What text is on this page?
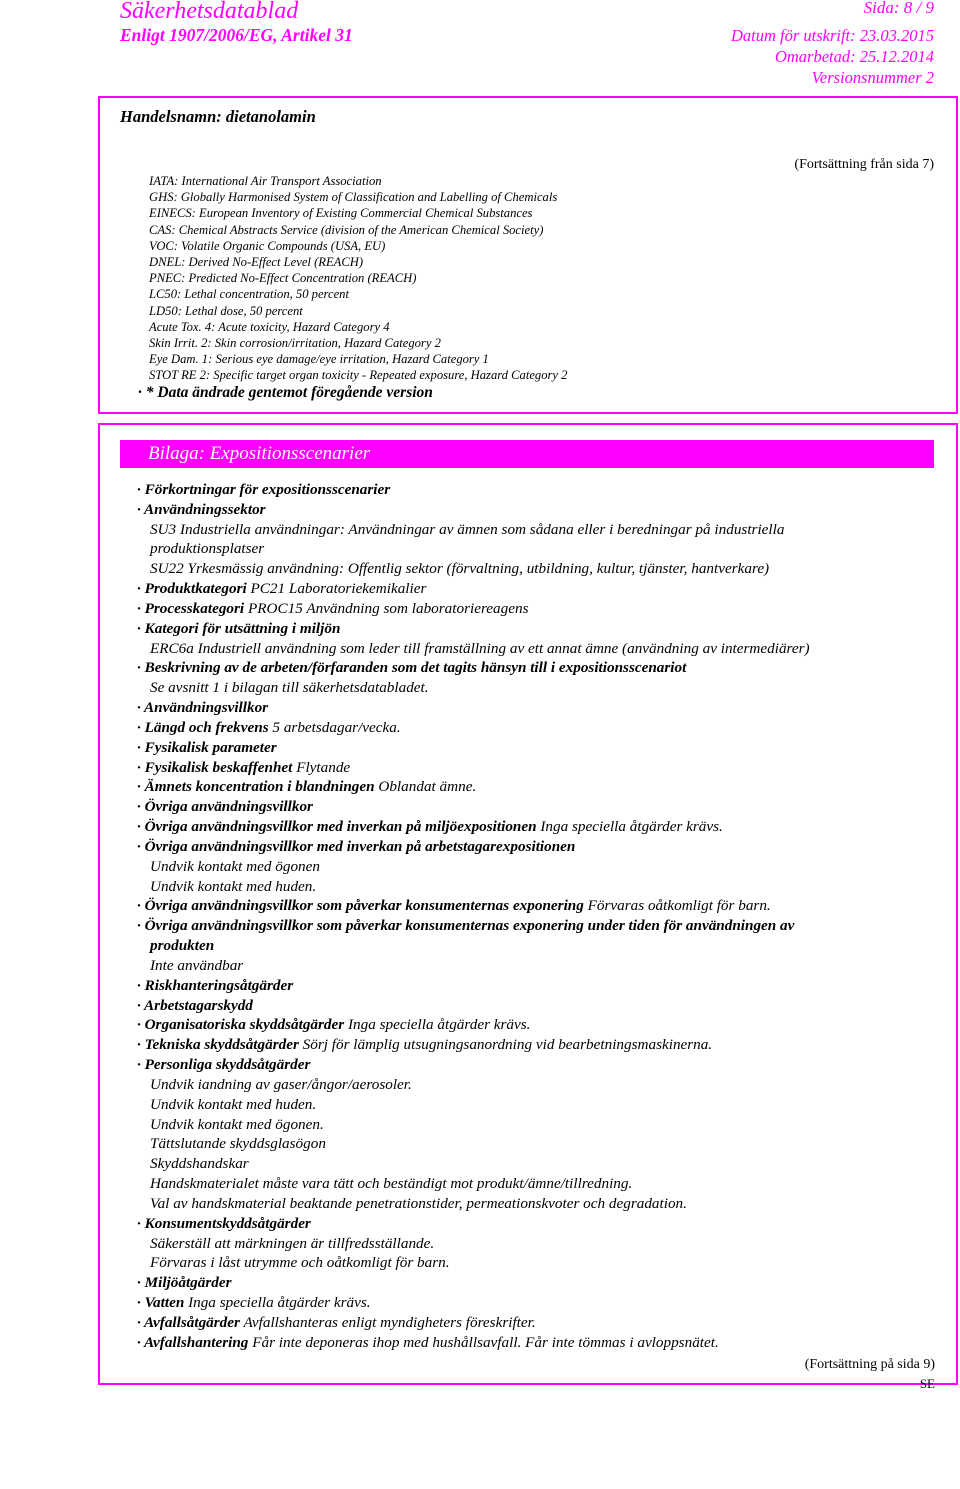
Säkerhetsdatablad	Sida: 8 / 9
Enligt 1907/2006/EG, Artikel 31	Datum för utskrift: 23.03.2015
Omarbetad: 25.12.2014
Versionsnummer 2
Handelsnamn: dietanolamin
(Fortsättning från sida 7)
IATA: International Air Transport Association
GHS: Globally Harmonised System of Classification and Labelling of Chemicals
EINECS: European Inventory of Existing Commercial Chemical Substances
CAS: Chemical Abstracts Service (division of the American Chemical Society)
VOC: Volatile Organic Compounds (USA, EU)
DNEL: Derived No-Effect Level (REACH)
PNEC: Predicted No-Effect Concentration (REACH)
LC50: Lethal concentration, 50 percent
LD50: Lethal dose, 50 percent
Acute Tox. 4: Acute toxicity, Hazard Category 4
Skin Irrit. 2: Skin corrosion/irritation, Hazard Category 2
Eye Dam. 1: Serious eye damage/eye irritation, Hazard Category 1
STOT RE 2: Specific target organ toxicity - Repeated exposure, Hazard Category 2
· * Data ändrade gentemot föregående version
Bilaga: Expositionsscenarier
· Förkortningar för expositionsscenarier
· Användningssektor
SU3 Industriella användningar: Användningar av ämnen som sådana eller i beredningar på industriella
produktionsplatser
SU22 Yrkesmässig användning: Offentlig sektor (förvaltning, utbildning, kultur, tjänster, hantverkare)
· Produktkategori PC21 Laboratoriekemikalier
· Processkategori PROC15 Användning som laboratoriereagens
· Kategori för utsättning i miljön
ERC6a Industriell användning som leder till framställning av ett annat ämne (användning av intermediärer)
· Beskrivning av de arbeten/förfaranden som det tagits hänsyn till i expositionsscenariot
Se avsnitt 1 i bilagan till säkerhetsdatabladet.
· Användningsvillkor
· Längd och frekvens 5 arbetsdagar/vecka.
· Fysikalisk parameter
· Fysikalisk beskaffenhet Flytande
· Ämnets koncentration i blandningen Oblandat ämne.
· Övriga användningsvillkor
· Övriga användningsvillkor med inverkan på miljöexpositionen Inga speciella åtgärder krävs.
· Övriga användningsvillkor med inverkan på arbetstagarexpositionen
Undvik kontakt med ögonen
Undvik kontakt med huden.
· Övriga användningsvillkor som påverkar konsumenternas exponering Förvaras oåtkomligt för barn.
· Övriga användningsvillkor som påverkar konsumenternas exponering under tiden för användningen av
produkten
Inte användbar
· Riskhanteringsåtgärder
· Arbetstagarskydd
· Organisatoriska skyddsåtgärder Inga speciella åtgärder krävs.
· Tekniska skyddsåtgärder Sörj för lämplig utsugningsanordning vid bearbetningsmaskinerna.
· Personliga skyddsåtgärder
Undvik iandning av gaser/ångor/aerosoler.
Undvik kontakt med huden.
Undvik kontakt med ögonen.
Tättslutande skyddsglasögon
Skyddshandskar
Handskmaterialet måste vara tätt och beständigt mot produkt/ämne/tillredning.
Val av handskmaterial beaktande penetrationstider, permeationskvoter och degradation.
· Konsumentskyddsåtgärder
Säkerställ att märkningen är tillfredsställande.
Förvaras i låst utrymme och oåtkomligt för barn.
· Miljöåtgärder
· Vatten Inga speciella åtgärder krävs.
· Avfallsåtgärder Avfallshanteras enligt myndigheters föreskrifter.
· Avfallshantering Får inte deponeras ihop med hushållsavfall. Får inte tömmas i avloppsnätet.
(Fortsättning på sida 9)
SE
